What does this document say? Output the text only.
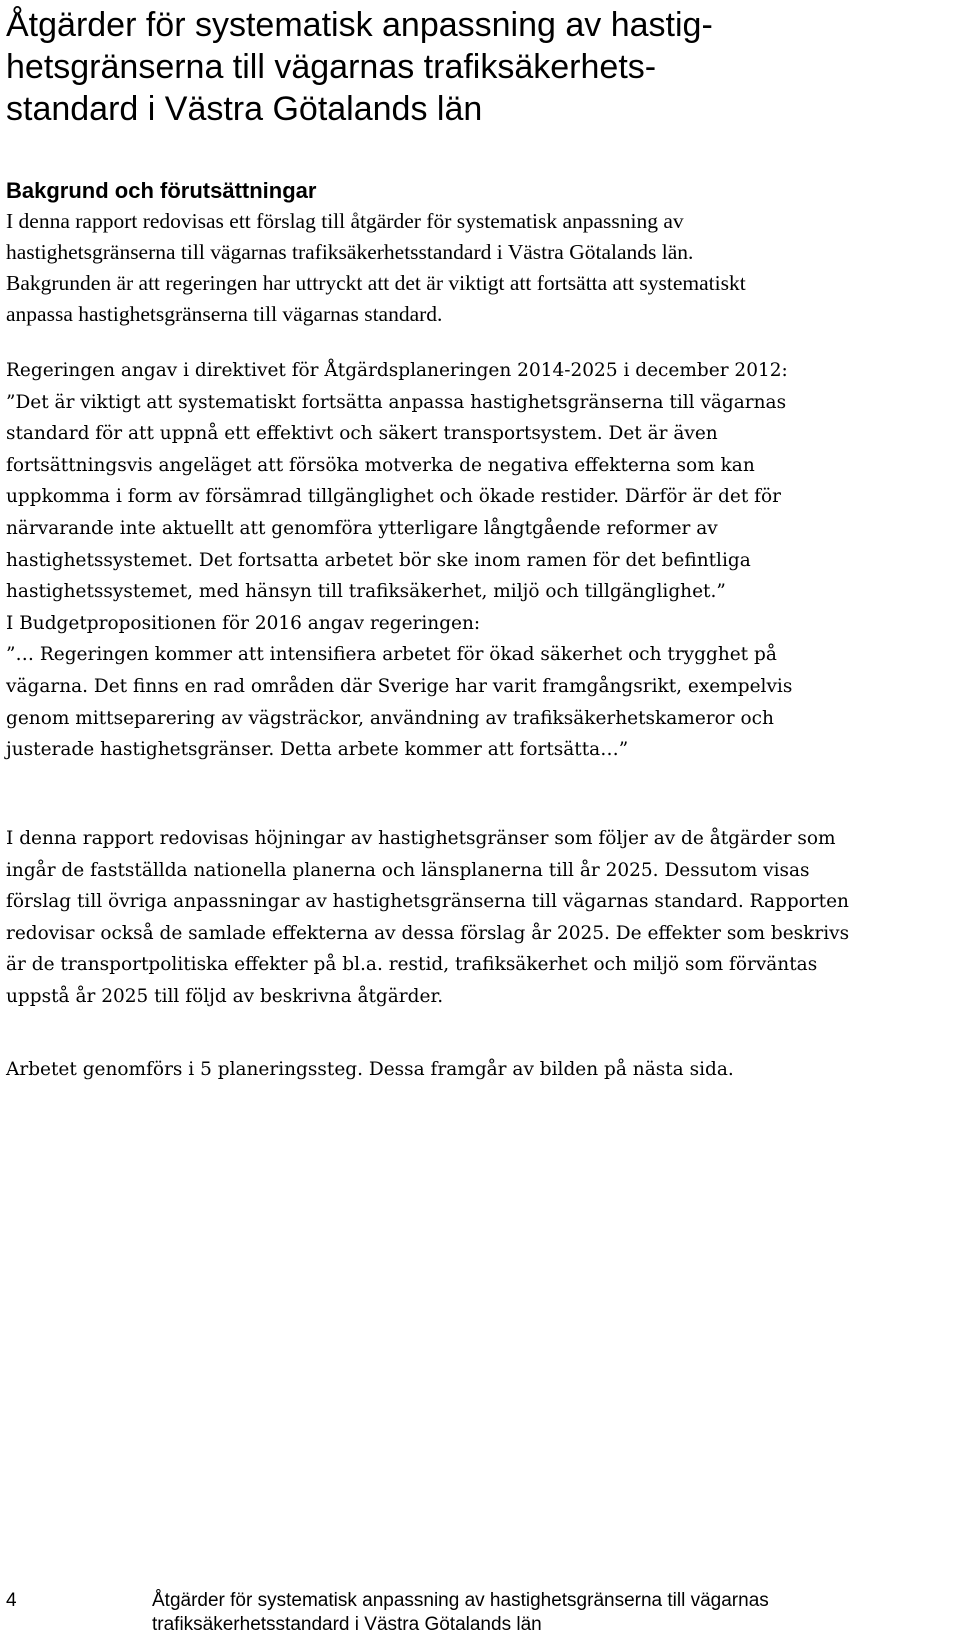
Åtgärder för systematisk anpassning av hastig-
hetsgränserna till vägarnas trafiksäkerhets-
standard i Västra Götalands län
Bakgrund och förutsättningar
I denna rapport redovisas ett förslag till åtgärder för systematisk anpassning av
hastighetsgränserna till vägarnas trafiksäkerhetsstandard i Västra Götalands län.
Bakgrunden är att regeringen har uttryckt att det är viktigt att fortsätta att systematiskt
anpassa hastighetsgränserna till vägarnas standard.
Regeringen angav i direktivet för Åtgärdsplaneringen 2014-2025 i december 2012:
”Det är viktigt att systematiskt fortsätta anpassa hastighetsgränserna till vägarnas
standard för att uppnå ett effektivt och säkert transportsystem. Det är även
fortsättningsvis angeläget att försöka motverka de negativa effekterna som kan
uppkomma i form av försämrad tillgänglighet och ökade restider. Därför är det för
närvarande inte aktuellt att genomföra ytterligare långtgående reformer av
hastighetssystemet. Det fortsatta arbetet bör ske inom ramen för det befintliga
hastighetssystemet, med hänsyn till trafiksäkerhet, miljö och tillgänglighet.”
I Budgetpropositionen för 2016 angav regeringen:
”… Regeringen kommer att intensifiera arbetet för ökad säkerhet och trygghet på
vägarna. Det finns en rad områden där Sverige har varit framgångsrikt, exempelvis
genom mittseparering av vägsträckor, användning av trafiksäkerhetskameror och
justerade hastighetsgränser. Detta arbete kommer att fortsätta…”
I denna rapport redovisas höjningar av hastighetsgränser som följer av de åtgärder som
ingår de fastställda nationella planerna och länsplanerna till år 2025. Dessutom visas
förslag till övriga anpassningar av hastighetsgränserna till vägarnas standard. Rapporten
redovisar också de samlade effekterna av dessa förslag år 2025. De effekter som beskrivs
är de transportpolitiska effekter på bl.a. restid, trafiksäkerhet och miljö som förväntas
uppstå år 2025 till följd av beskrivna åtgärder.
Arbetet genomförs i 5 planeringssteg. Dessa framgår av bilden på nästa sida.
4	Åtgärder för systematisk anpassning av hastighetsgränserna till vägarnas
trafiksäkerhetsstandard i Västra Götalands län
